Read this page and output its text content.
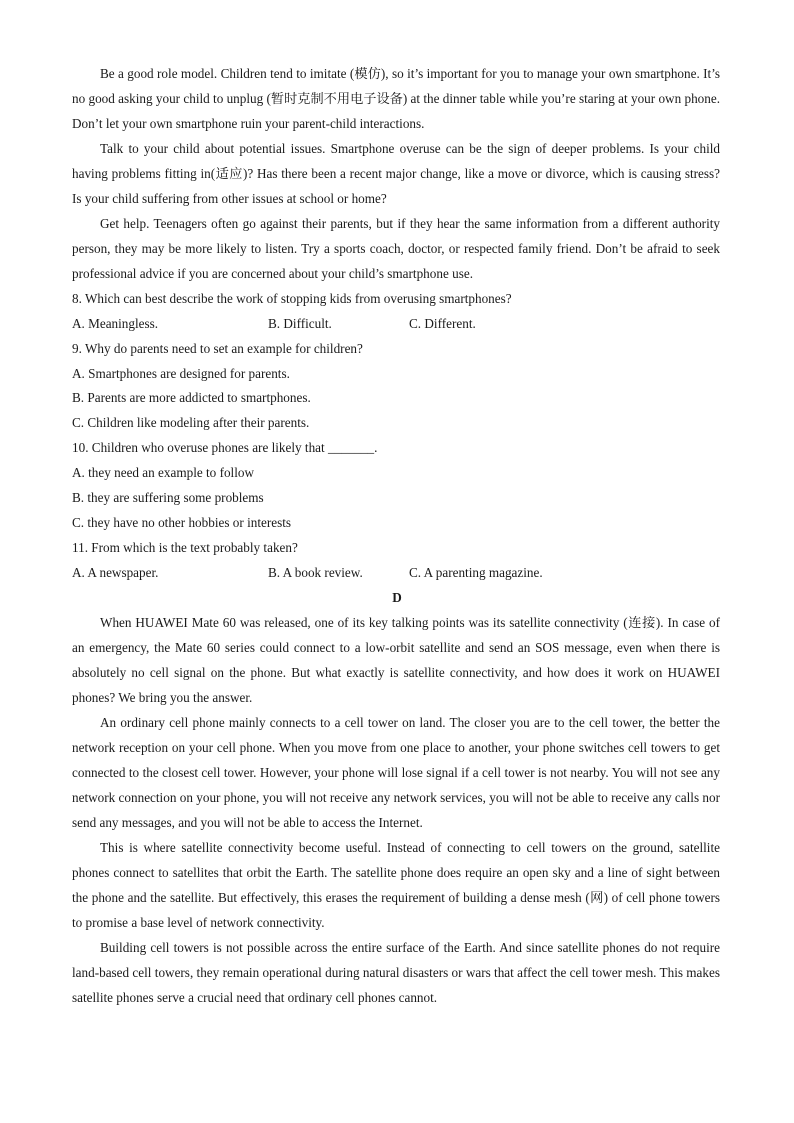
Be a good role model. Children tend to imitate (模仿), so it’s important for you to manage your own smartphone. It’s no good asking your child to unplug (暂时克制不用电子设备) at the dinner table while you’re staring at your own phone. Don’t let your own smartphone ruin your parent-child interactions.

Talk to your child about potential issues. Smartphone overuse can be the sign of deeper problems. Is your child having problems fitting in(适应)? Has there been a recent major change, like a move or divorce, which is causing stress? Is your child suffering from other issues at school or home?

Get help. Teenagers often go against their parents, but if they hear the same information from a different authority person, they may be more likely to listen. Try a sports coach, doctor, or respected family friend. Don’t be afraid to seek professional advice if you are concerned about your child’s smartphone use.

8. Which can best describe the work of stopping kids from overusing smartphones?

A. Meaningless.	B. Difficult.	C. Different.

9. Why do parents need to set an example for children?

A. Smartphones are designed for parents.

B. Parents are more addicted to smartphones.

C. Children like modeling after their parents.

10. Children who overuse phones are likely that _______.

A. they need an example to follow

B. they are suffering some problems

C. they have no other hobbies or interests

11. From which is the text probably taken?

A. A newspaper.	B. A book review.	C. A parenting magazine.

D

When HUAWEI Mate 60 was released, one of its key talking points was its satellite connectivity (连接). In case of an emergency, the Mate 60 series could connect to a low-orbit satellite and send an SOS message, even when there is absolutely no cell signal on the phone. But what exactly is satellite connectivity, and how does it work on HUAWEI phones? We bring you the answer.

An ordinary cell phone mainly connects to a cell tower on land. The closer you are to the cell tower, the better the network reception on your cell phone. When you move from one place to another, your phone switches cell towers to get connected to the closest cell tower. However, your phone will lose signal if a cell tower is not nearby. You will not see any network connection on your phone, you will not receive any network services, you will not be able to receive any calls nor send any messages, and you will not be able to access the Internet.

This is where satellite connectivity become useful. Instead of connecting to cell towers on the ground, satellite phones connect to satellites that orbit the Earth. The satellite phone does require an open sky and a line of sight between the phone and the satellite. But effectively, this erases the requirement of building a dense mesh (网) of cell phone towers to promise a base level of network connectivity.

Building cell towers is not possible across the entire surface of the Earth. And since satellite phones do not require land-based cell towers, they remain operational during natural disasters or wars that affect the cell tower mesh. This makes satellite phones serve a crucial need that ordinary cell phones cannot.
